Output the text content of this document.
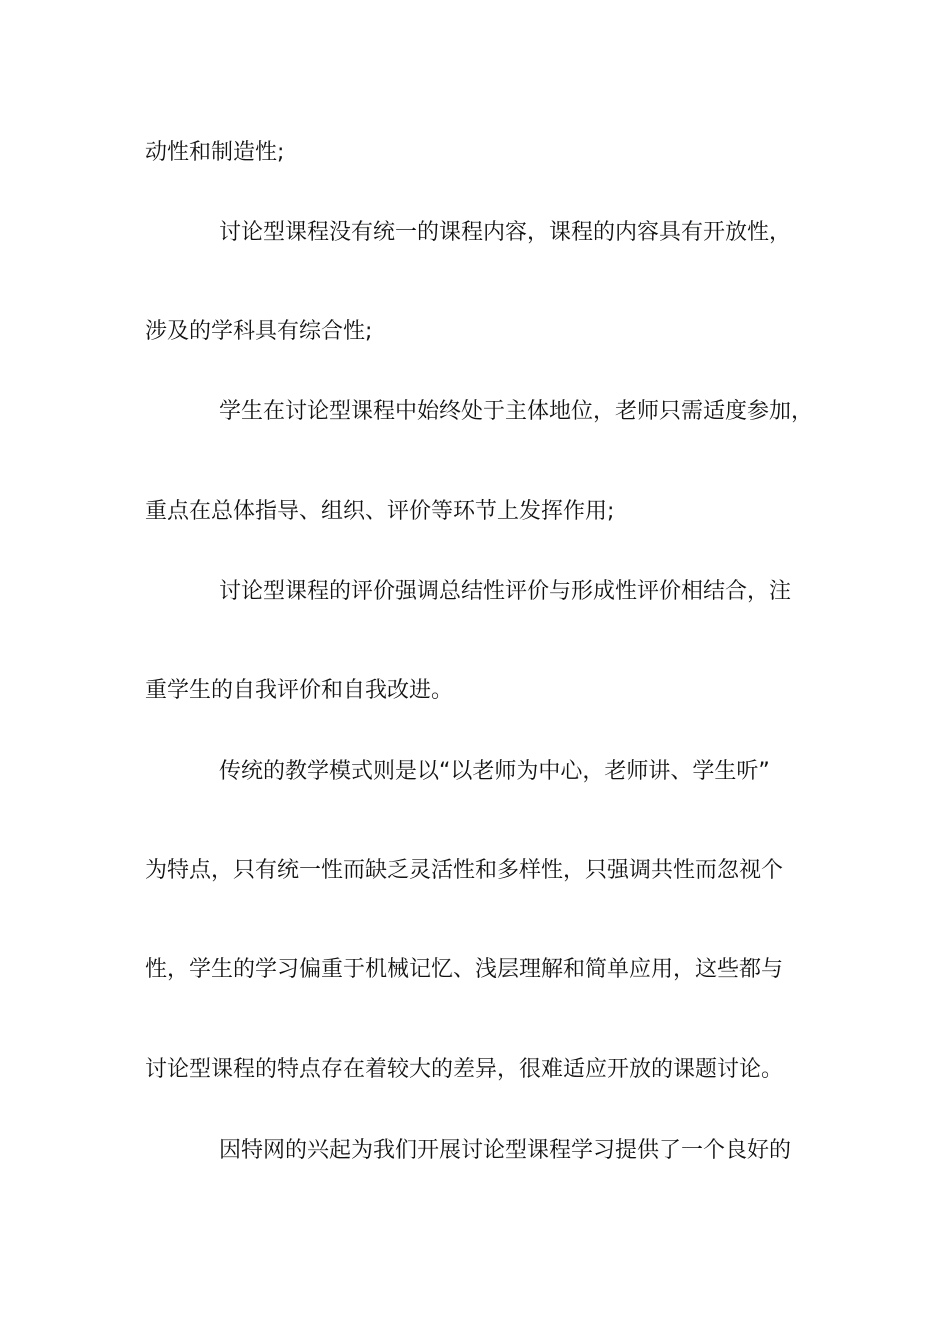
动性和制造性;

讨论型课程没有统一的课程内容，课程的内容具有开放性，

涉及的学科具有综合性;

学生在讨论型课程中始终处于主体地位，老师只需适度参加，

重点在总体指导、组织、评价等环节上发挥作用;

讨论型课程的评价强调总结性评价与形成性评价相结合，注

重学生的自我评价和自我改进。

传统的教学模式则是以“以老师为中心，老师讲、学生听”

为特点，只有统一性而缺乏灵活性和多样性，只强调共性而忽视个

性，学生的学习偏重于机械记忆、浅层理解和简单应用，这些都与

讨论型课程的特点存在着较大的差异，很难适应开放的课题讨论。

因特网的兴起为我们开展讨论型课程学习提供了一个良好的
